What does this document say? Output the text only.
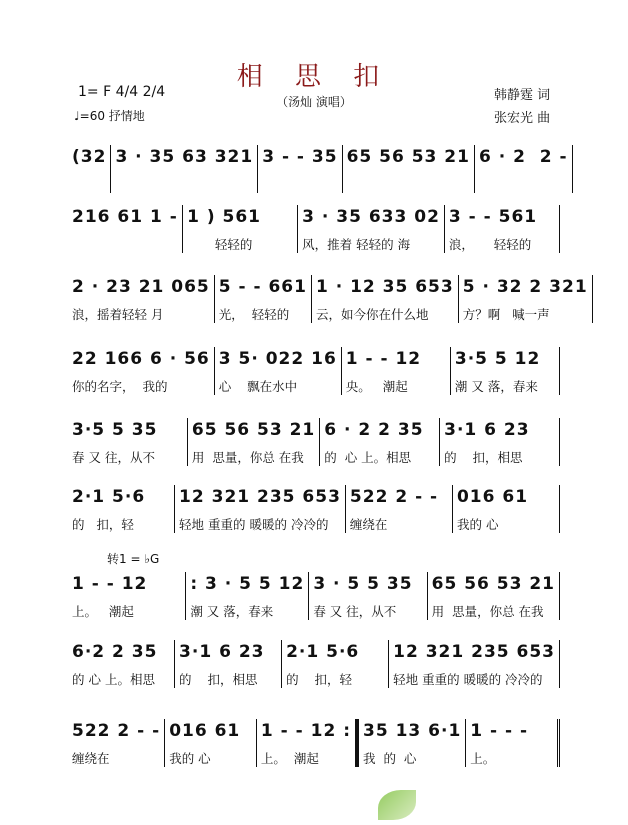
相 思 扣
（汤灿 演唱）
1= F 4/4 2/4
♩=60 抒情地
韩静霆 词
张宏光 曲
转1 = ♭G
(32 3 · 35 63 321 3 - - 35 65 56 53 21 6 · 2  2 -
216 61 1 - 1 ) 561
轻轻的
3 · 35 633 02
风，推着 轻轻的 海
3 - - 561
浪，     轻轻的
2 · 23 21 065
浪，摇着轻轻 月
5 - - 661
光，  轻轻的
1 · 12 35 653
云，如今你在什么地
5 · 32 2 321
方？啊   喊一声
22 166 6 · 56
你的名字，  我的
3 5· 022 16
心    飘在水中
1 - - 12
央。   潮起
3·5 5 12
潮 又 落，春来
3·5 5 35
春 又 往，从不
65 56 53 21
用  思量，你总 在我
6 · 2 2 35
的  心 上。相思
3·1 6 23
的    扣，相思
2·1 5·6
的   扣，轻
12 321 235 653
轻地 重重的 暖暖的 冷冷的
522 2 - -
缠绕在
016 61
我的 心
1 - - 12
上。   潮起
: 3 · 5 5 12
潮 又 落，春来
3 · 5 5 35
春 又 往，从不
65 56 53 21
用  思量，你总 在我
6·2 2 35
的 心 上。相思
3·1 6 23
的    扣，相思
2·1 5·6
的    扣，轻
12 321 235 653
轻地 重重的 暖暖的 冷冷的
522 2 - -
缠绕在
016 61
我的 心
1 - - 12 :
上。  潮起
35 13 6·1
我  的  心
1 - - -
上。
